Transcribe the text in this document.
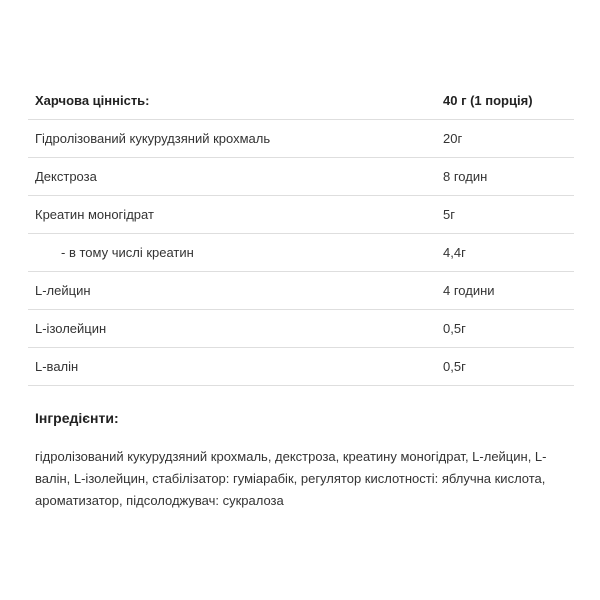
Харчова цінність:	40 г (1 порція)
Гідролізований кукурудзяний крохмаль	20г
Декстроза	8 годин
Креатин моногідрат	5г
- в тому числі креатин	4,4г
L-лейцин	4 години
L-ізолейцин	0,5г
L-валін	0,5г
Інгредієнти:

гідролізований кукурудзяний крохмаль, декстроза, креатину моногідрат, L-лейцин, L-
валін, L-ізолейцин, стабілізатор: гуміарабік, регулятор кислотності: яблучна кислота,
ароматизатор, підсолоджувач: сукралоза
